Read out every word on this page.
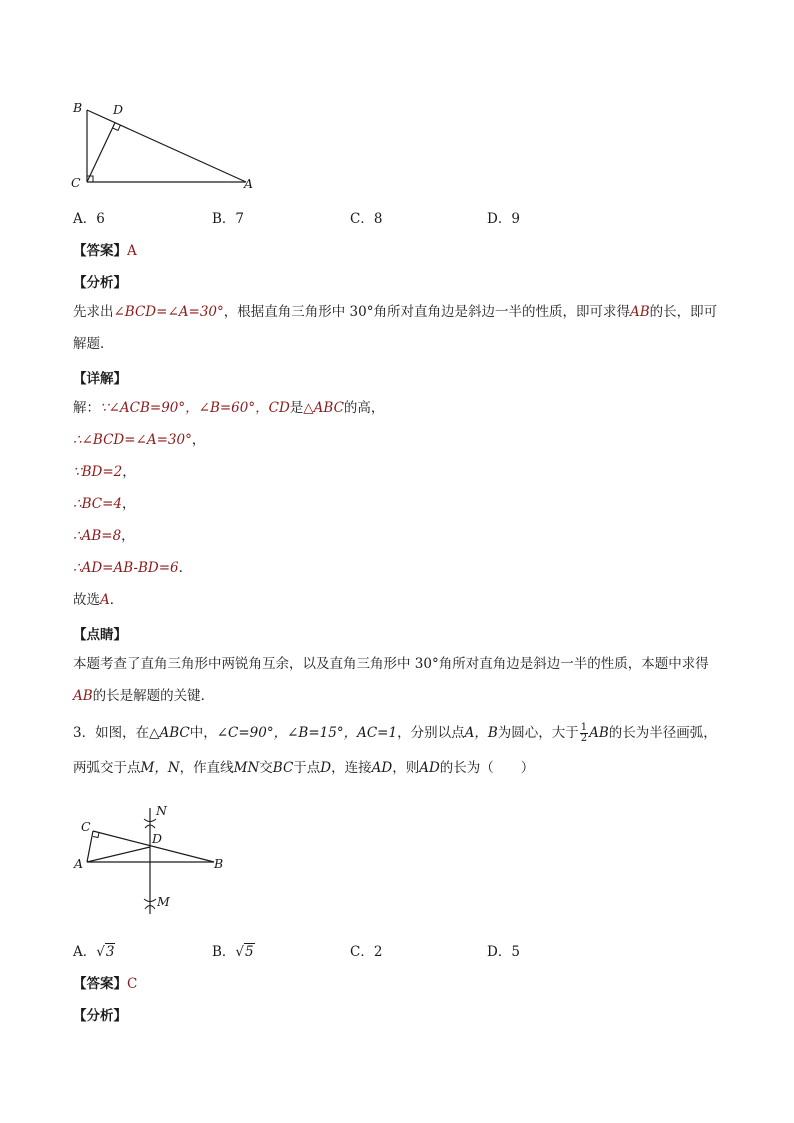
B D
C	A
A．6	B．7	C．8	D．9
【答案】A
【分析】
先求出∠BCD=∠A=30°，根据直角三角形中 30°角所对直角边是斜边一半的性质，即可求得AB的长，即可
解题．
【详解】
解：∵∠ACB=90°，∠B=60°，CD是△ABC的高，
∴∠BCD=∠A=30°，
∵BD=2，
∴BC=4，
∴AB=8，
∴AD=AB-BD=6．
故选A．
【点睛】
本题考查了直角三角形中两锐角互余，以及直角三角形中 30°角所对直角边是斜边一半的性质，本题中求得
AB的长是解题的关键．
3．如图，在△ABC中，∠C=90°，∠B=15°，AC=1，分别以点A，B为圆心，大于 $\frac{1}{2}$ AB的长为半径画弧，
两弧交于点M，N，作直线MN交BC于点D，连接AD，则AD的长为（　　）
N
C
D
A	B
M
A．√3	B．√5	C．2	D．5
【答案】C
【分析】
